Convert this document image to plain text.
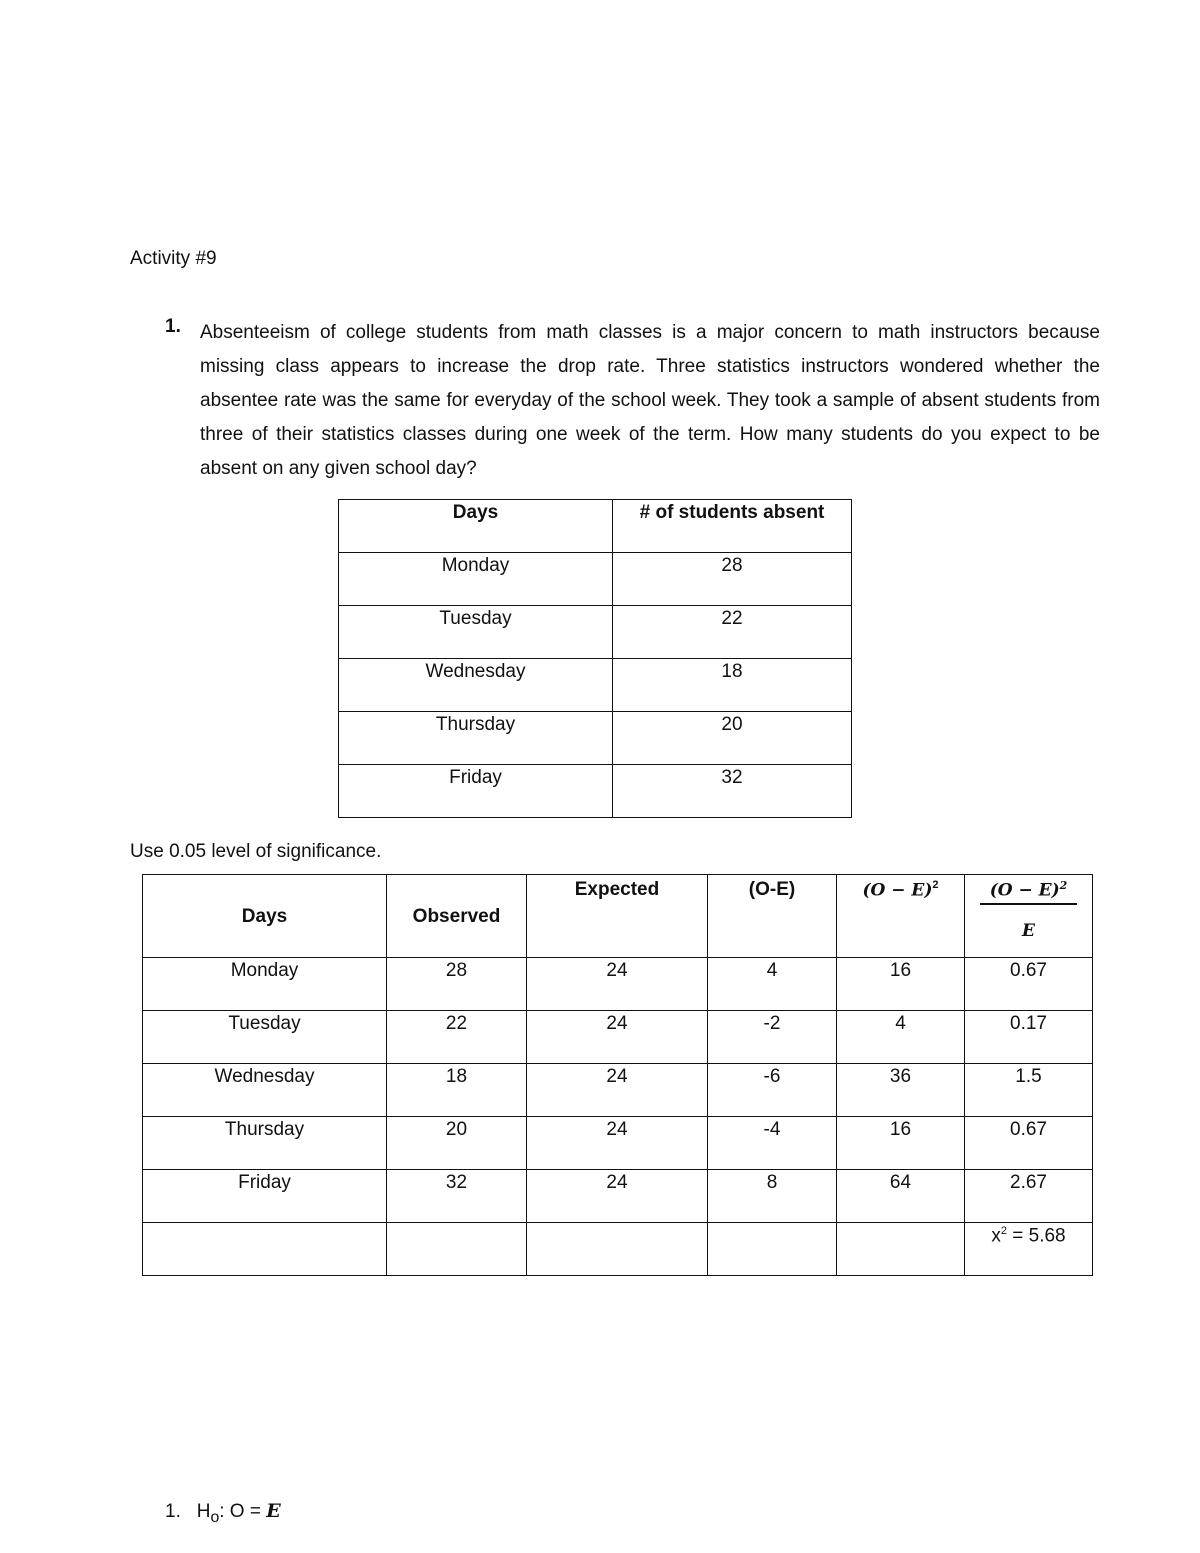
Activity #9
1. Absenteeism of college students from math classes is a major concern to math instructors because missing class appears to increase the drop rate. Three statistics instructors wondered whether the absentee rate was the same for everyday of the school week. They took a sample of absent students from three of their statistics classes during one week of the term. How many students do you expect to be absent on any given school day?
Days	# of students absent
Monday	28
Tuesday	22
Wednesday	18
Thursday	20
Friday	32
Use 0.05 level of significance.
Days	Observed	Expected	(O-E)	$(O - E)^2$	$\frac{(O - E)^2}{E}$

Monday	28	24	4	16	0.67
Tuesday	22	24	-2	4	0.17
Wednesday	18	24	-6	36	1.5
Thursday	20	24	-4	16	0.67
Friday	32	24	8	64	2.67
					$x^2 = 5.68$
1. $H_o$: O = E
